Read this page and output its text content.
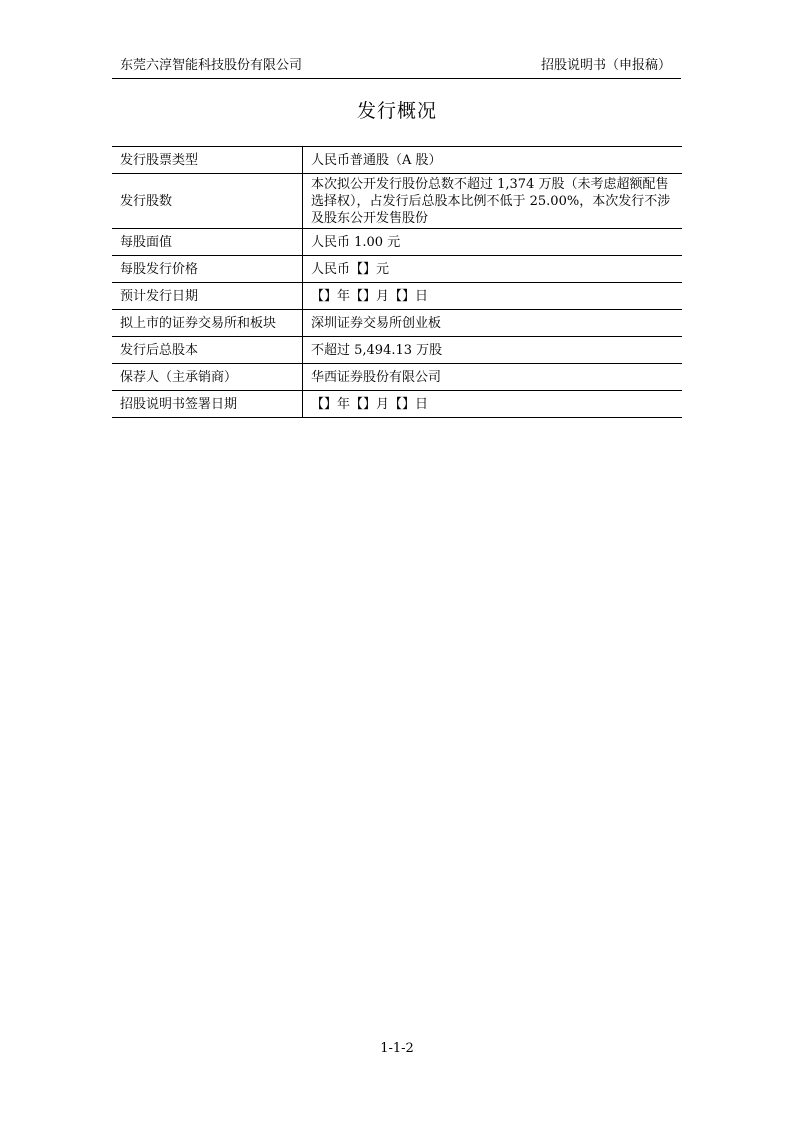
东莞六淳智能科技股份有限公司	招股说明书（申报稿）
发行概况
发行股票类型	人民币普通股（A 股）
发行股数	本次拟公开发行股份总数不超过 1,374 万股（未考虑超额配售选择权），占发行后总股本比例不低于 25.00%，本次发行不涉及股东公开发售股份
每股面值	人民币 1.00 元
每股发行价格	人民币【】元
预计发行日期	【】年【】月【】日
拟上市的证券交易所和板块	深圳证券交易所创业板
发行后总股本	不超过 5,494.13 万股
保荐人（主承销商）	华西证券股份有限公司
招股说明书签署日期	【】年【】月【】日
1-1-2
